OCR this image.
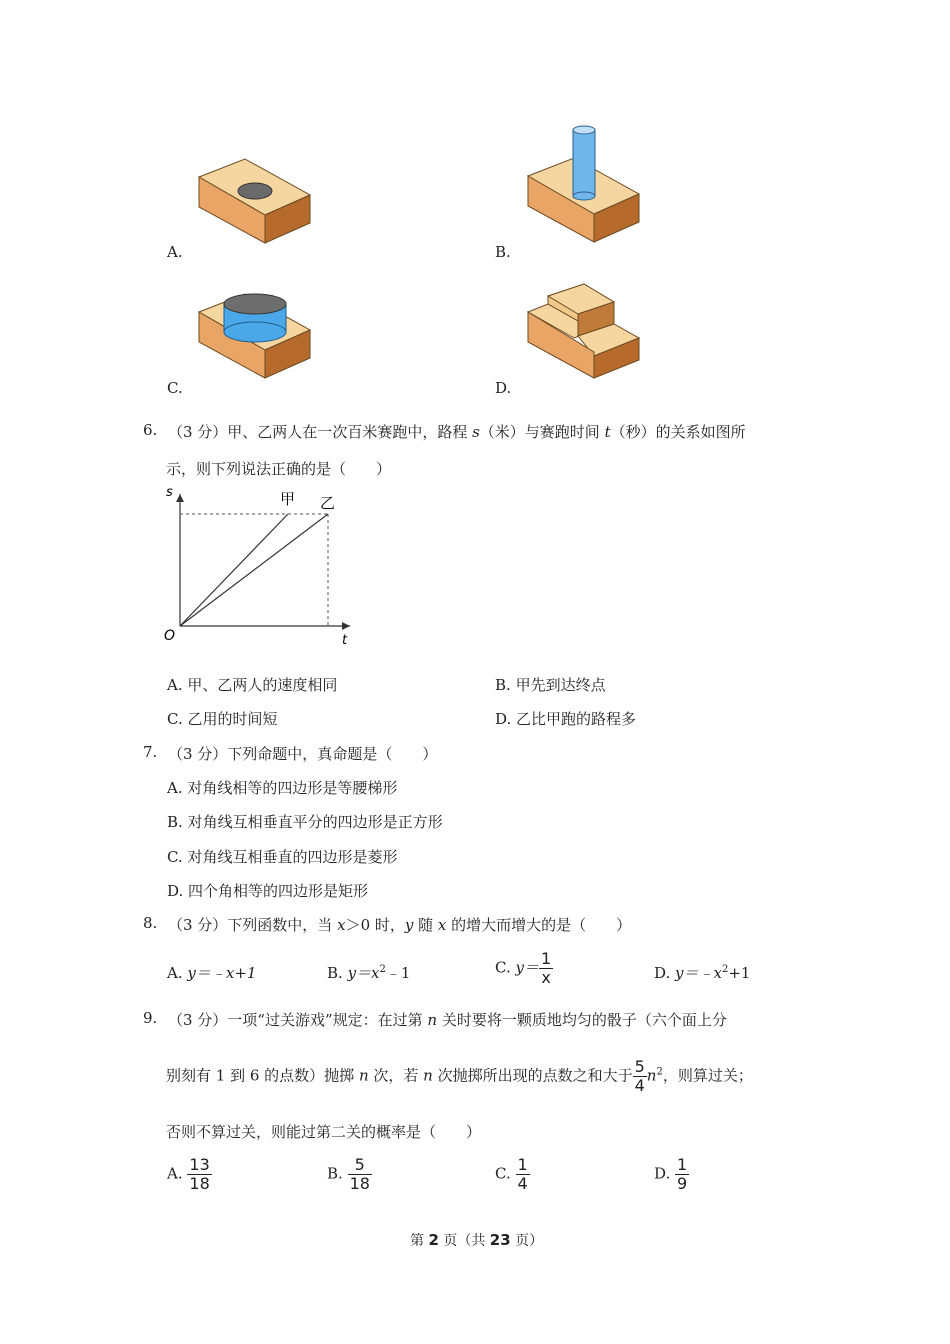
A.	B.
C.	D.
6. （3 分）甲、乙两人在一次百米赛跑中，路程 s（米）与赛跑时间 t（秒）的关系如图所
示，则下列说法正确的是（　　）
s
t
O
甲 乙
A. 甲、乙两人的速度相同	B. 甲先到达终点
C. 乙用的时间短	D. 乙比甲跑的路程多
7. （3 分）下列命题中，真命题是（　　）
A. 对角线相等的四边形是等腰梯形
B. 对角线互相垂直平分的四边形是正方形
C. 对角线互相垂直的四边形是菱形
D. 四个角相等的四边形是矩形
8. （3 分）下列函数中，当 x＞0 时，y 随 x 的增大而增大的是（　　）
A. y＝﹣x+1	B. $y=x^2﹣1$	C. $y= \frac{1}{x}$	D. $y=﹣x^2+1$
9. （3 分）一项“过关游戏”规定：在过第 n 关时要将一颗质地均匀的骰子（六个面上分
别刻有 1 到 6 的点数）抛掷 n 次，若 n 次抛掷所出现的点数之和大于 $\frac{5}{4} n^2$，则算过关；
否则不算过关，则能过第二关的概率是（　　）
A. $\frac{13}{18}$	B. $\frac{5}{18}$	C. $\frac{1}{4}$	D. $\frac{1}{9}$
第 2 页（共 23 页）
